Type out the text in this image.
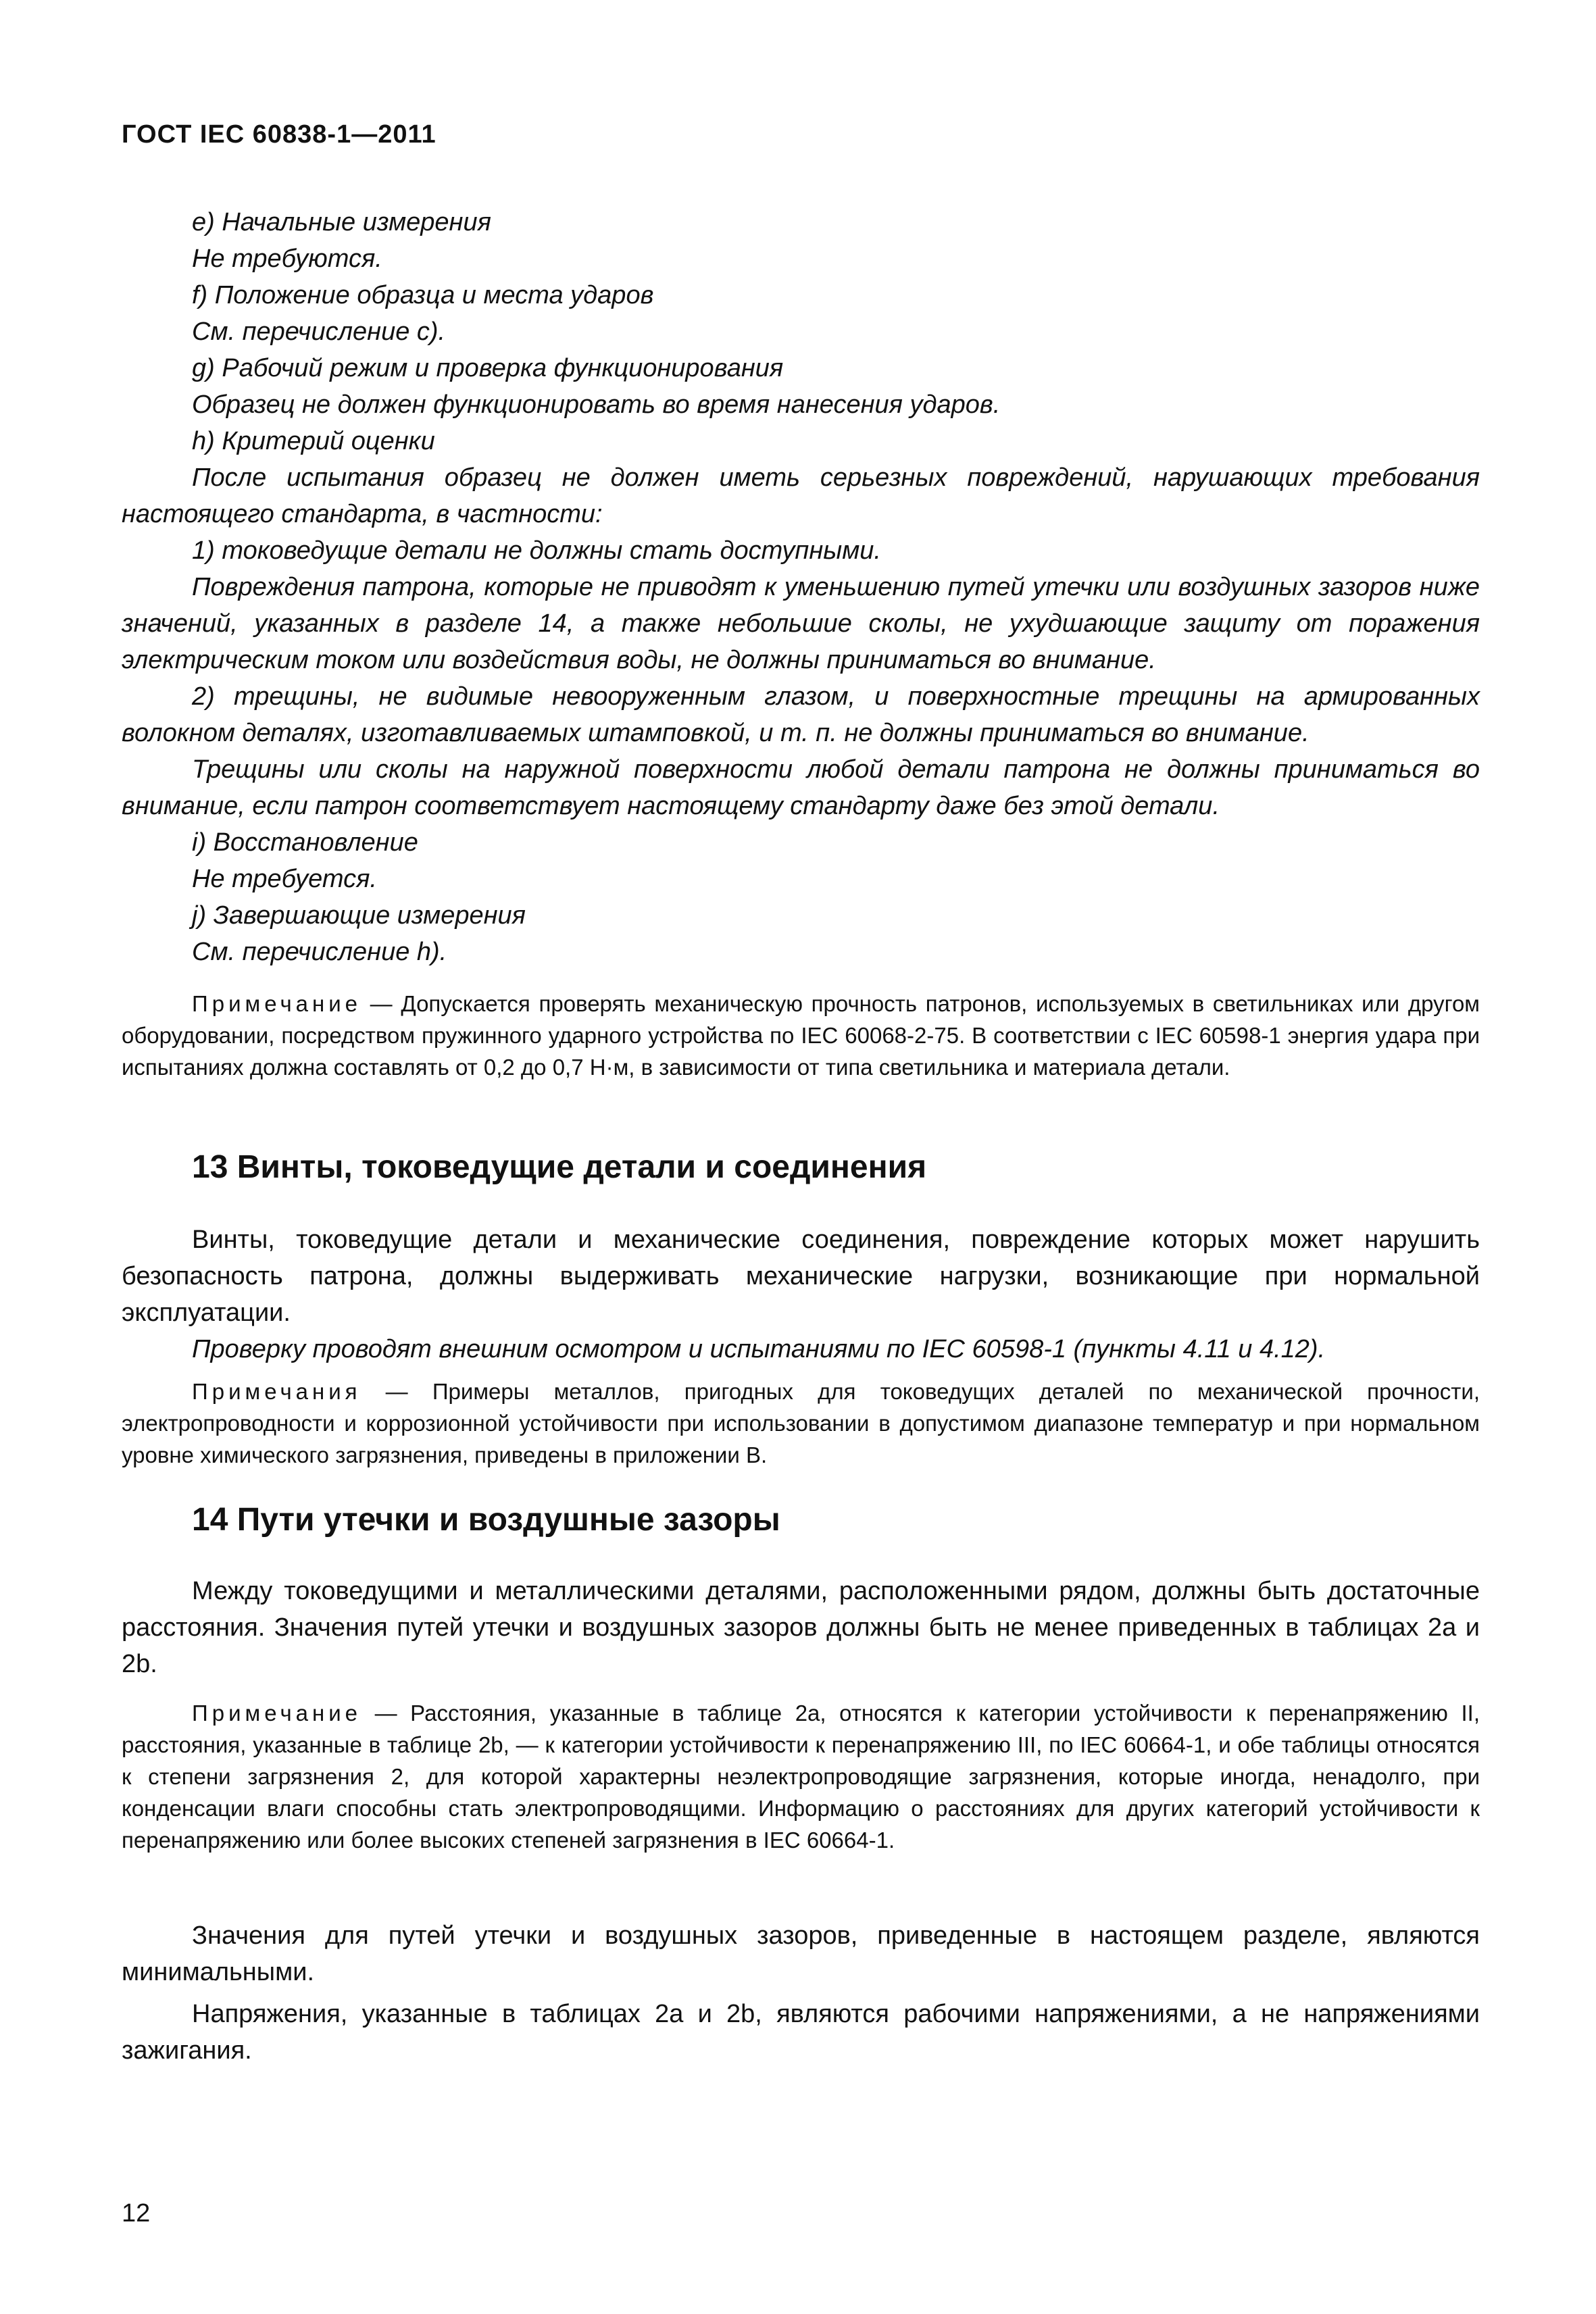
ГОСТ IEC 60838-1—2011

e) Начальные измерения

Не требуются.

f) Положение образца и места ударов

См. перечисление c).

g) Рабочий режим и проверка функционирования

Образец не должен функционировать во время нанесения ударов.

h) Критерий оценки

После испытания образец не должен иметь серьезных повреждений, нарушающих требования настоящего стандарта, в частности:

1) токоведущие детали не должны стать доступными.

Повреждения патрона, которые не приводят к уменьшению путей утечки или воздушных зазоров ниже значений, указанных в разделе 14, а также небольшие сколы, не ухудшающие защиту от поражения электрическим током или воздействия воды, не должны приниматься во внимание.

2) трещины, не видимые невооруженным глазом, и поверхностные трещины на армированных волокном деталях, изготавливаемых штамповкой, и т. п. не должны приниматься во внимание.

Трещины или сколы на наружной поверхности любой детали патрона не должны приниматься во внимание, если патрон соответствует настоящему стандарту даже без этой детали.

i) Восстановление

Не требуется.

j) Завершающие измерения

См. перечисление h).

Примечание — Допускается проверять механическую прочность патронов, используемых в светильниках или другом оборудовании, посредством пружинного ударного устройства по IEC 60068-2-75. В соответствии с IEC 60598-1 энергия удара при испытаниях должна составлять от 0,2 до 0,7 Н·м, в зависимости от типа светильника и материала детали.

13 Винты, токоведущие детали и соединения

Винты, токоведущие детали и механические соединения, повреждение которых может нарушить безопасность патрона, должны выдерживать механические нагрузки, возникающие при нормальной эксплуатации.

Проверку проводят внешним осмотром и испытаниями по IEC 60598-1 (пункты 4.11 и 4.12).

Примечания — Примеры металлов, пригодных для токоведущих деталей по механической прочности, электропроводности и коррозионной устойчивости при использовании в допустимом диапазоне температур и при нормальном уровне химического загрязнения, приведены в приложении В.

14 Пути утечки и воздушные зазоры

Между токоведущими и металлическими деталями, расположенными рядом, должны быть достаточные расстояния. Значения путей утечки и воздушных зазоров должны быть не менее приведенных в таблицах 2a и 2b.

Примечание — Расстояния, указанные в таблице 2a, относятся к категории устойчивости к перенапряжению II, расстояния, указанные в таблице 2b, — к категории устойчивости к перенапряжению III, по IEC 60664-1, и обе таблицы относятся к степени загрязнения 2, для которой характерны неэлектропроводящие загрязнения, которые иногда, ненадолго, при конденсации влаги способны стать электропроводящими. Информацию о расстояниях для других категорий устойчивости к перенапряжению или более высоких степеней загрязнения в IEC 60664-1.

Значения для путей утечки и воздушных зазоров, приведенные в настоящем разделе, являются минимальными.

Напряжения, указанные в таблицах 2a и 2b, являются рабочими напряжениями, а не напряжениями зажигания.

12
